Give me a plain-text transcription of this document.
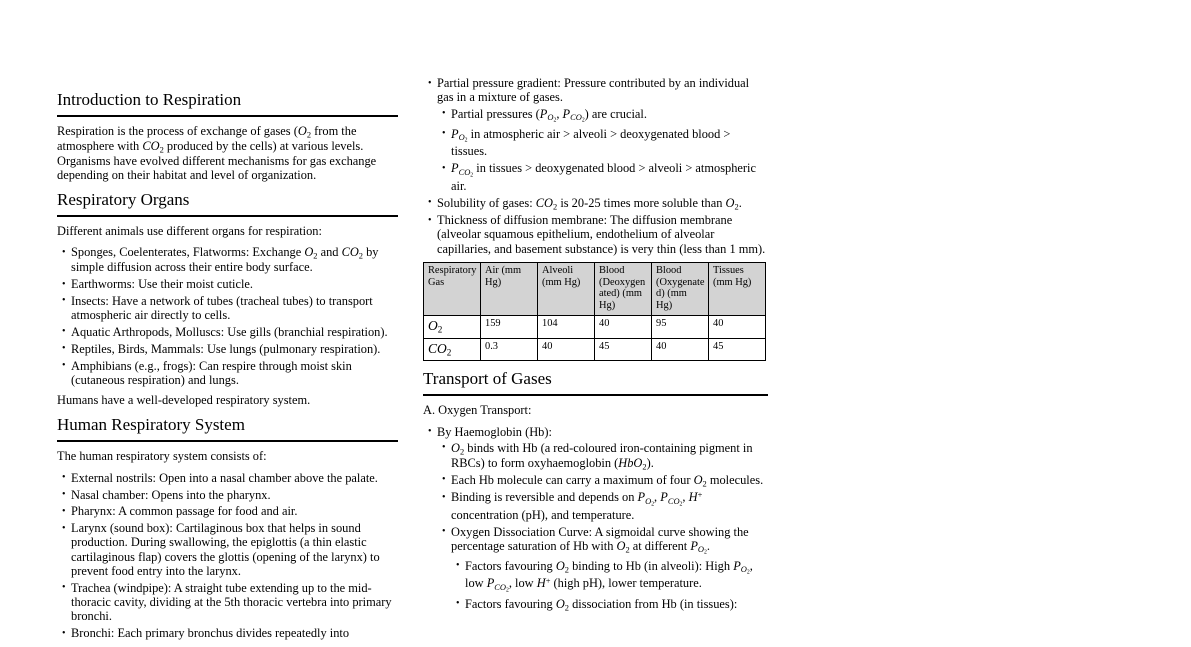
Introduction to Respiration

Respiration is the process of exchange of gases ($O_2$ from the atmosphere with $CO_2$ produced by the cells) at various levels. Organisms have evolved different mechanisms for gas exchange depending on their habitat and level of organization.

Respiratory Organs

Different animals use different organs for respiration:

• Sponges, Coelenterates, Flatworms: Exchange $O_2$ and $CO_2$ by simple diffusion across their entire body surface.
• Earthworms: Use their moist cuticle.
• Insects: Have a network of tubes (tracheal tubes) to transport atmospheric air directly to cells.
• Aquatic Arthropods, Molluscs: Use gills (branchial respiration).
• Reptiles, Birds, Mammals: Use lungs (pulmonary respiration).
• Amphibians (e.g., frogs): Can respire through moist skin (cutaneous respiration) and lungs.

Humans have a well-developed respiratory system.

Human Respiratory System

The human respiratory system consists of:

• External nostrils: Open into a nasal chamber above the palate.
• Nasal chamber: Opens into the pharynx.
• Pharynx: A common passage for food and air.
• Larynx (sound box): Cartilaginous box that helps in sound production. During swallowing, the epiglottis (a thin elastic cartilaginous flap) covers the glottis (opening of the larynx) to prevent food entry into the larynx.
• Trachea (windpipe): A straight tube extending up to the mid-thoracic cavity, dividing at the 5th thoracic vertebra into primary bronchi.
• Bronchi: Each primary bronchus divides repeatedly into
• Partial pressure gradient: Pressure contributed by an individual gas in a mixture of gases.
• Partial pressures ($P_{O_2}$, $P_{CO_2}$) are crucial.
• $P_{O_2}$ in atmospheric air > alveoli > deoxygenated blood > tissues.
• $P_{CO_2}$ in tissues > deoxygenated blood > alveoli > atmospheric air.
• Solubility of gases: $CO_2$ is 20-25 times more soluble than $O_2$.
• Thickness of diffusion membrane: The diffusion membrane (alveolar squamous epithelium, endothelium of alveolar capillaries, and basement substance) is very thin (less than 1 mm).
Respiratory Gas	Air (mm Hg)	Alveoli (mm Hg)	Blood (Deoxygenated) (mm Hg)	Blood (Oxygenated) (mm Hg)	Tissues (mm Hg)
$O_2$	159	104	40	95	40
$CO_2$	0.3	40	45	40	45
Transport of Gases

A. Oxygen Transport:

• By Haemoglobin (Hb):
• $O_2$ binds with Hb (a red-coloured iron-containing pigment in RBCs) to form oxyhaemoglobin (HbO$_2$).
• Each Hb molecule can carry a maximum of four $O_2$ molecules.
• Binding is reversible and depends on $P_{O_2}$, $P_{CO_2}$, H+ concentration (pH), and temperature.
• Oxygen Dissociation Curve: A sigmoidal curve showing the percentage saturation of Hb with $O_2$ at different $P_{O_2}$.
• Factors favouring $O_2$ binding to Hb (in alveoli): High $P_{O_2}$, low $P_{CO_2}$, low H+ (high pH), lower temperature.
• Factors favouring $O_2$ dissociation from Hb (in tissues):
